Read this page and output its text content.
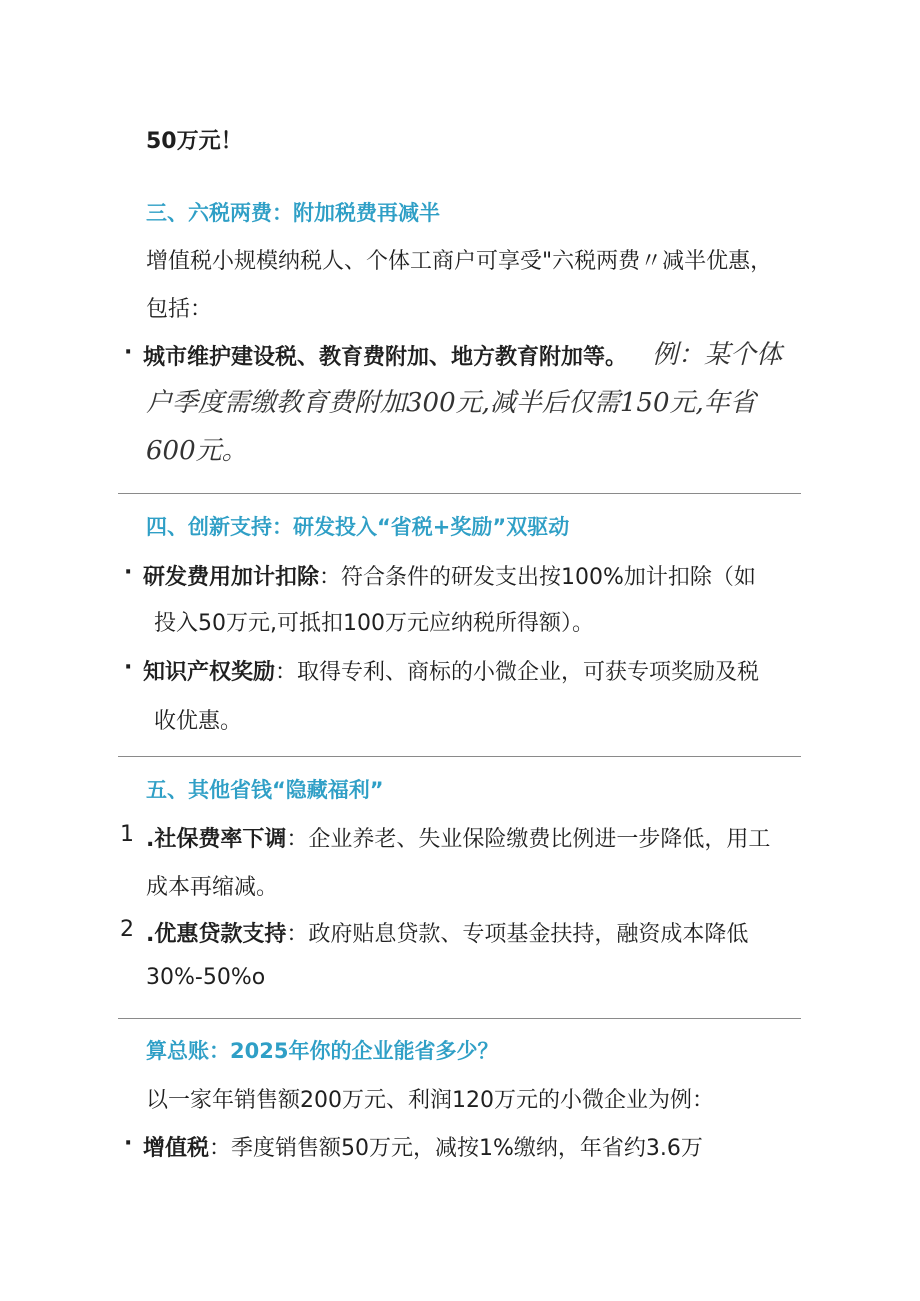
50万元！
三、六税两费：附加税费再减半
增值税小规模纳税人、个体工商户可享受"六税两费〃减半优惠，
包括：
· 城市维护建设税、教育费附加、地方教育附加等。 例：某个体
户季度需缴教育费附加300元,减半后仅需150元,年省
600元。
四、创新支持：研发投入“省税+奖励”双驱动
· 研发费用加计扣除：符合条件的研发支出按100%加计扣除（如
投入50万元,可抵扣100万元应纳税所得额）。
· 知识产权奖励：取得专利、商标的小微企业，可获专项奖励及税
收优惠。
五、其他省钱“隐藏福利”
1 .社保费率下调：企业养老、失业保险缴费比例进一步降低，用工
成本再缩减。
2 .优惠贷款支持：政府贴息贷款、专项基金扶持，融资成本降低
30%-50%o
算总账：2025年你的企业能省多少？
以一家年销售额200万元、利润120万元的小微企业为例：
· 增值税：季度销售额50万元，减按1%缴纳，年省约3.6万
